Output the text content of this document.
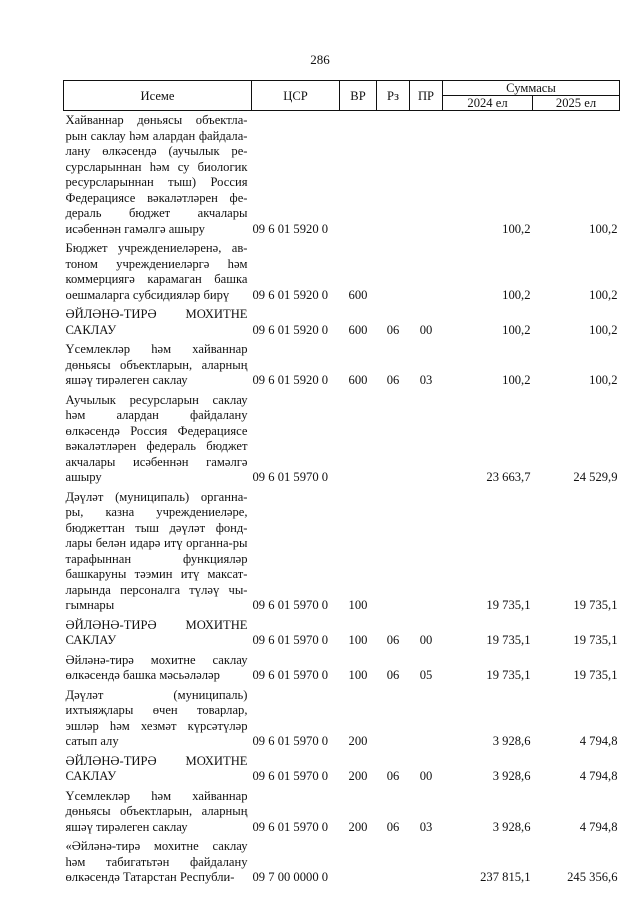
286
Исеме	ЦСР	ВР	Рз	ПР	Суммасы	
					2024 ел	2025 ел
Хайваннар дөньясы объектла-рын саклау һәм алардан файдала-лану өлкәсендә (аучылык ре-сурсларыннан һәм су биологик ресурсларыннан тыш) Россия Федерациясе вәкаләтләрен фе-дераль бюджет акчалары исәбеннән гамәлгә ашыру	09 6 01 5920 0				100,2	100,2
Бюджет учреждениеләренә, ав-тоном учреждениеләргә һәм коммерциягә карамаган башка оешмаларга субсидияләр бирү	09 6 01 5920 0	600			100,2	100,2
ӘЙЛӘНӘ-ТИРӘ МОХИТНЕ САКЛАУ	09 6 01 5920 0	600	06	00	100,2	100,2
Үсемлекләр һәм хайваннар дөньясы объектларын, аларның яшәү тирәлеген саклау	09 6 01 5920 0	600	06	03	100,2	100,2
Аучылык ресурсларын саклау һәм алардан файдалану өлкәсендә Россия Федерациясе вәкаләтләрен федераль бюджет акчалары исәбеннән гамәлгә ашыру	09 6 01 5970 0				23 663,7	24 529,9
Дәүләт (муниципаль) органна-ры, казна учреждениеләре, бюджеттан тыш дәүләт фонд-лары белән идарә итү органна-ры тарафыннан функцияләр башкаруны тәэмин итү максат-ларында персоналга түләү чы-гымнары	09 6 01 5970 0	100			19 735,1	19 735,1
ӘЙЛӘНӘ-ТИРӘ МОХИТНЕ САКЛАУ	09 6 01 5970 0	100	06	00	19 735,1	19 735,1
Әйләнә-тирә мохитне саклау өлкәсендә башка мәсьәләләр	09 6 01 5970 0	100	06	05	19 735,1	19 735,1
Дәүләт (муниципаль) ихтыяҗлары өчен товарлар, эшләр һәм хезмәт күрсәтүләр сатып алу	09 6 01 5970 0	200			3 928,6	4 794,8
ӘЙЛӘНӘ-ТИРӘ МОХИТНЕ САКЛАУ	09 6 01 5970 0	200	06	00	3 928,6	4 794,8
Үсемлекләр һәм хайваннар дөньясы объектларын, аларның яшәү тирәлеген саклау	09 6 01 5970 0	200	06	03	3 928,6	4 794,8
«Әйләнә-тирә мохитне саклау һәм табигатьтән файдалану өлкәсендә Татарстан Республи-	09 7 00 0000 0				237 815,1	245 356,6
